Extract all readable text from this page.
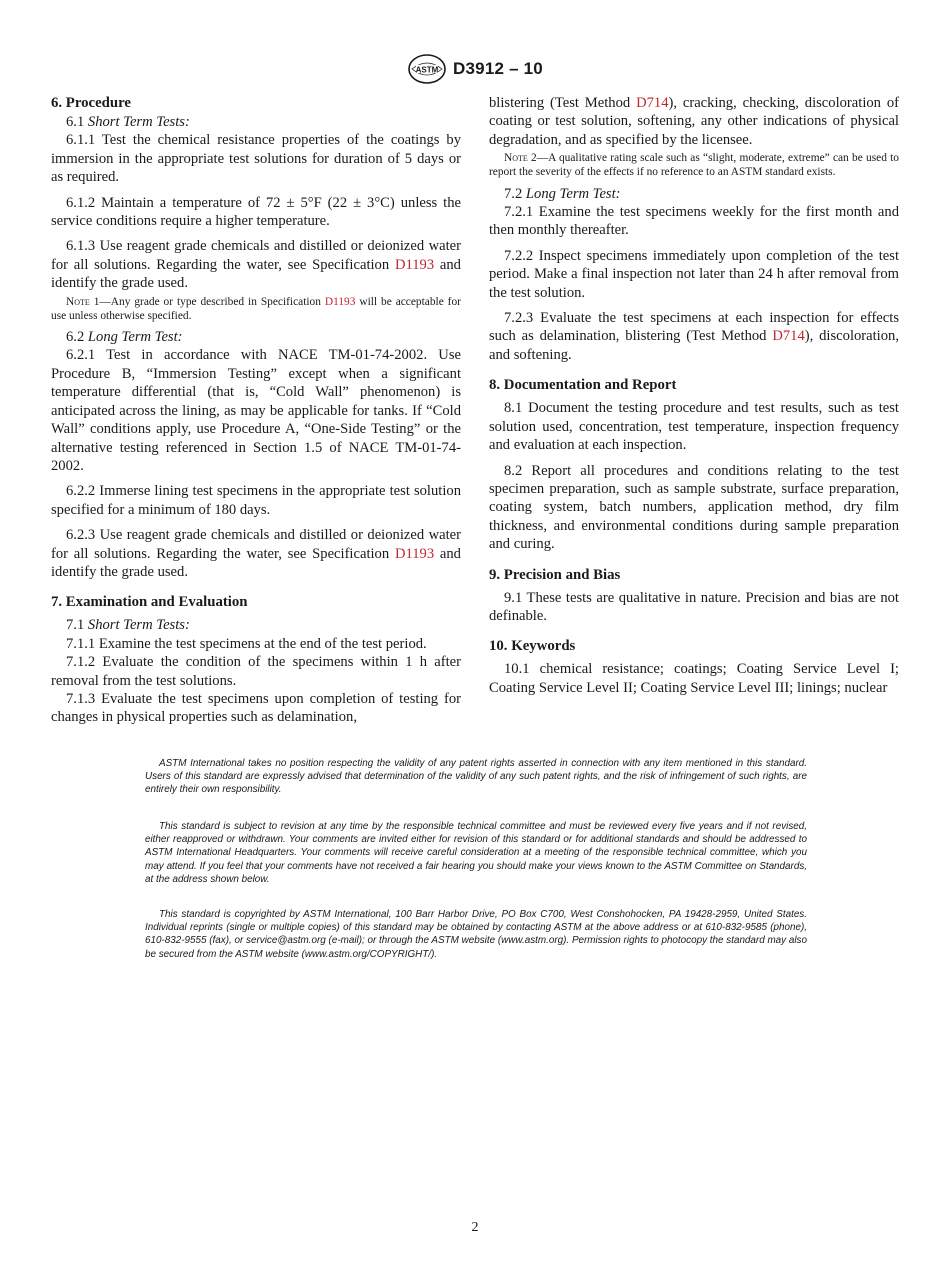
ASTM D3912 – 10
6. Procedure

6.1 Short Term Tests:

6.1.1 Test the chemical resistance properties of the coatings by immersion in the appropriate test solutions for duration of 5 days or as required.

6.1.2 Maintain a temperature of 72 ± 5°F (22 ± 3°C) unless the service conditions require a higher temperature.

6.1.3 Use reagent grade chemicals and distilled or deionized water for all solutions. Regarding the water, see Specification D1193 and identify the grade used.

Note 1—Any grade or type described in Specification D1193 will be acceptable for use unless otherwise specified.

6.2 Long Term Test:

6.2.1 Test in accordance with NACE TM-01-74-2002. Use Procedure B, “Immersion Testing” except when a significant temperature differential (that is, “Cold Wall” phenomenon) is anticipated across the lining, as may be applicable for tanks. If “Cold Wall” conditions apply, use Procedure A, “One-Side Testing” or the alternative testing referenced in Section 1.5 of NACE TM-01-74-2002.

6.2.2 Immerse lining test specimens in the appropriate test solution specified for a minimum of 180 days.

6.2.3 Use reagent grade chemicals and distilled or deionized water for all solutions. Regarding the water, see Specification D1193 and identify the grade used.

7. Examination and Evaluation

7.1 Short Term Tests:

7.1.1 Examine the test specimens at the end of the test period.

7.1.2 Evaluate the condition of the specimens within 1 h after removal from the test solutions.

7.1.3 Evaluate the test specimens upon completion of testing for changes in physical properties such as delamination,

blistering (Test Method D714), cracking, checking, discoloration of coating or test solution, softening, any other indications of physical degradation, and as specified by the licensee.

Note 2—A qualitative rating scale such as “slight, moderate, extreme” can be used to report the severity of the effects if no reference to an ASTM standard exists.

7.2 Long Term Test:

7.2.1 Examine the test specimens weekly for the first month and then monthly thereafter.

7.2.2 Inspect specimens immediately upon completion of the test period. Make a final inspection not later than 24 h after removal from the test solution.

7.2.3 Evaluate the test specimens at each inspection for effects such as delamination, blistering (Test Method D714), discoloration, and softening.

8. Documentation and Report

8.1 Document the testing procedure and test results, such as test solution used, concentration, test temperature, inspection frequency and evaluation at each inspection.

8.2 Report all procedures and conditions relating to the test specimen preparation, such as sample substrate, surface preparation, coating system, batch numbers, application method, dry film thickness, and environmental conditions during sample preparation and curing.

9. Precision and Bias

9.1 These tests are qualitative in nature. Precision and bias are not definable.

10. Keywords

10.1 chemical resistance; coatings; Coating Service Level I; Coating Service Level II; Coating Service Level III; linings; nuclear

ASTM International takes no position respecting the validity of any patent rights asserted in connection with any item mentioned in this standard. Users of this standard are expressly advised that determination of the validity of any such patent rights, and the risk of infringement of such rights, are entirely their own responsibility.

This standard is subject to revision at any time by the responsible technical committee and must be reviewed every five years and if not revised, either reapproved or withdrawn. Your comments are invited either for revision of this standard or for additional standards and should be addressed to ASTM International Headquarters. Your comments will receive careful consideration at a meeting of the responsible technical committee, which you may attend. If you feel that your comments have not received a fair hearing you should make your views known to the ASTM Committee on Standards, at the address shown below.

This standard is copyrighted by ASTM International, 100 Barr Harbor Drive, PO Box C700, West Conshohocken, PA 19428-2959, United States. Individual reprints (single or multiple copies) of this standard may be obtained by contacting ASTM at the above address or at 610-832-9585 (phone), 610-832-9555 (fax), or service@astm.org (e-mail); or through the ASTM website (www.astm.org). Permission rights to photocopy the standard may also be secured from the ASTM website (www.astm.org/COPYRIGHT/).

2
